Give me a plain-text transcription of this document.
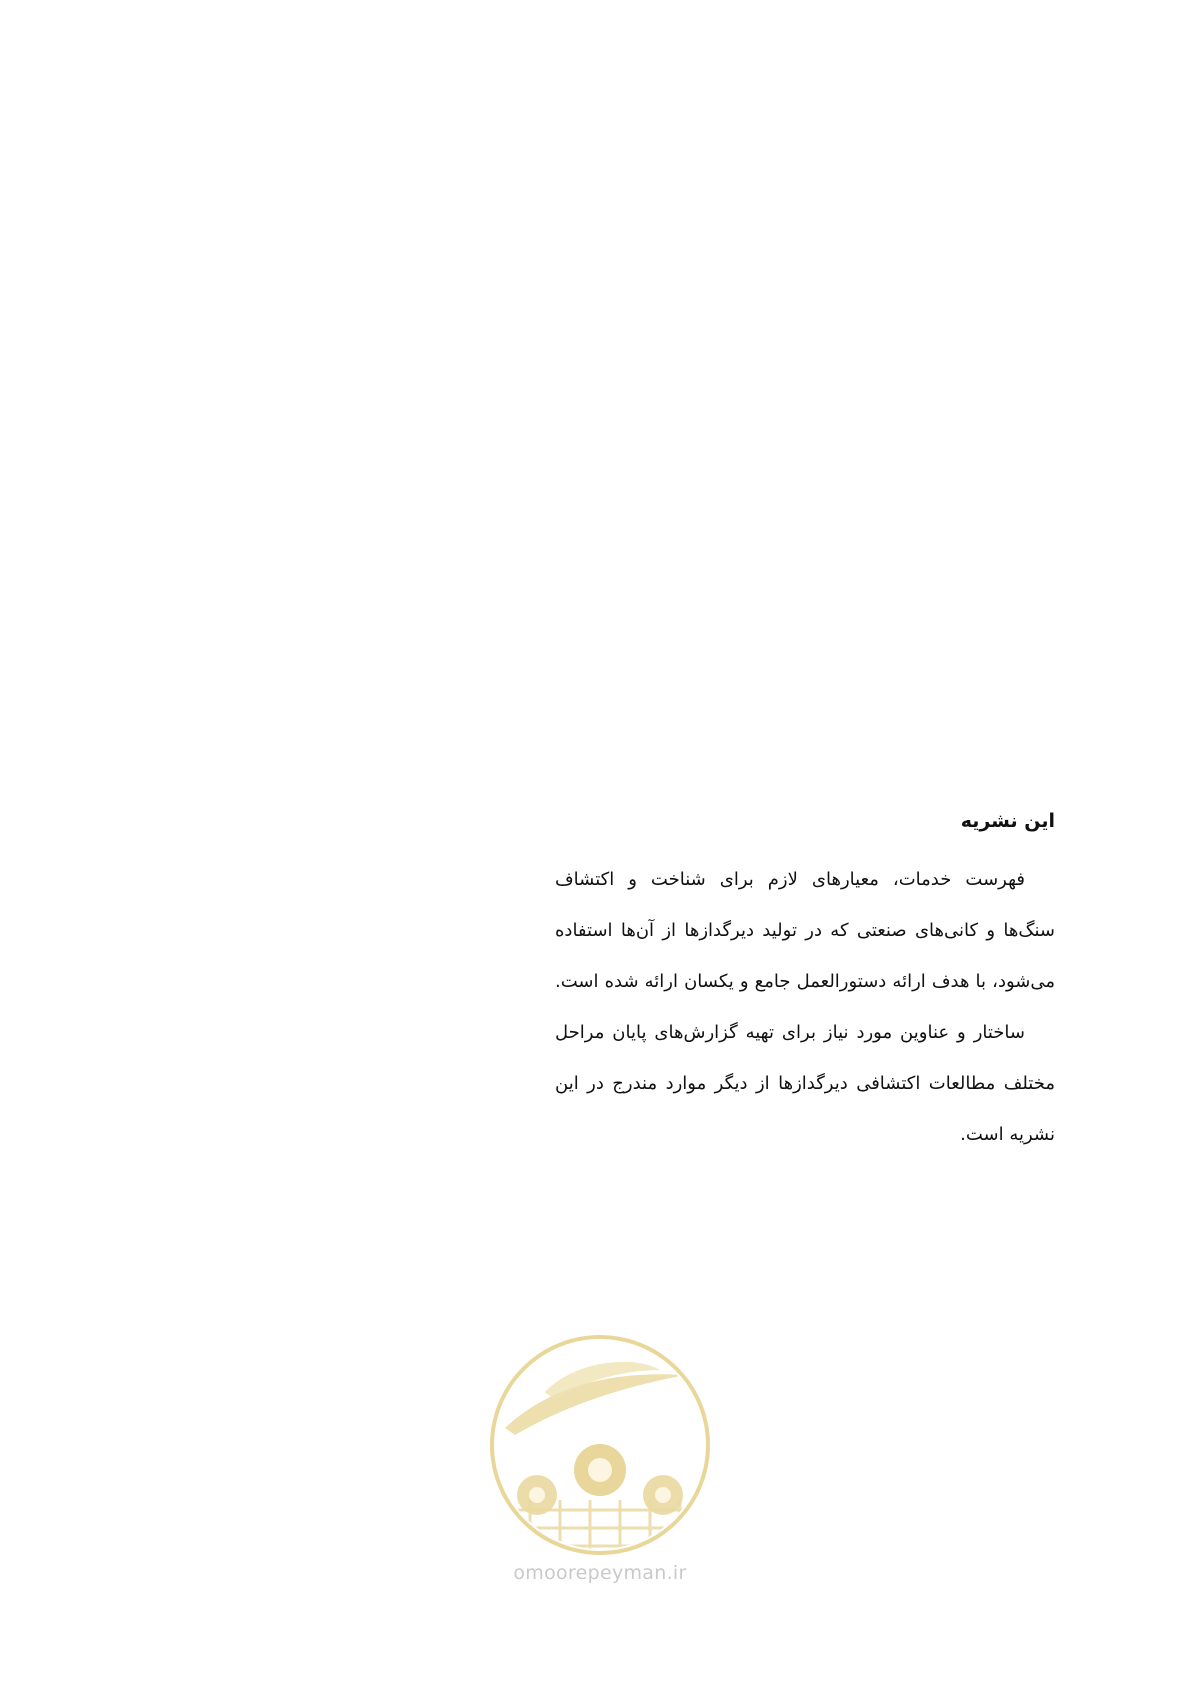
این نشریه
فهرست خدمات، معیارهای لازم برای شناخت و اکتشاف
سنگ‌ها و کانی‌های صنعتی که در تولید دیرگدازها از آن‌ها استفاده
می‌شود، با هدف ارائه دستورالعمل جامع و یکسان ارائه شده است.
ساختار و عناوین مورد نیاز برای تهیه گزارش‌های پایان مراحل
مختلف مطالعات اکتشافی دیرگدازها از دیگر موارد مندرج در این
نشریه است.
omoorepeyman.ir
